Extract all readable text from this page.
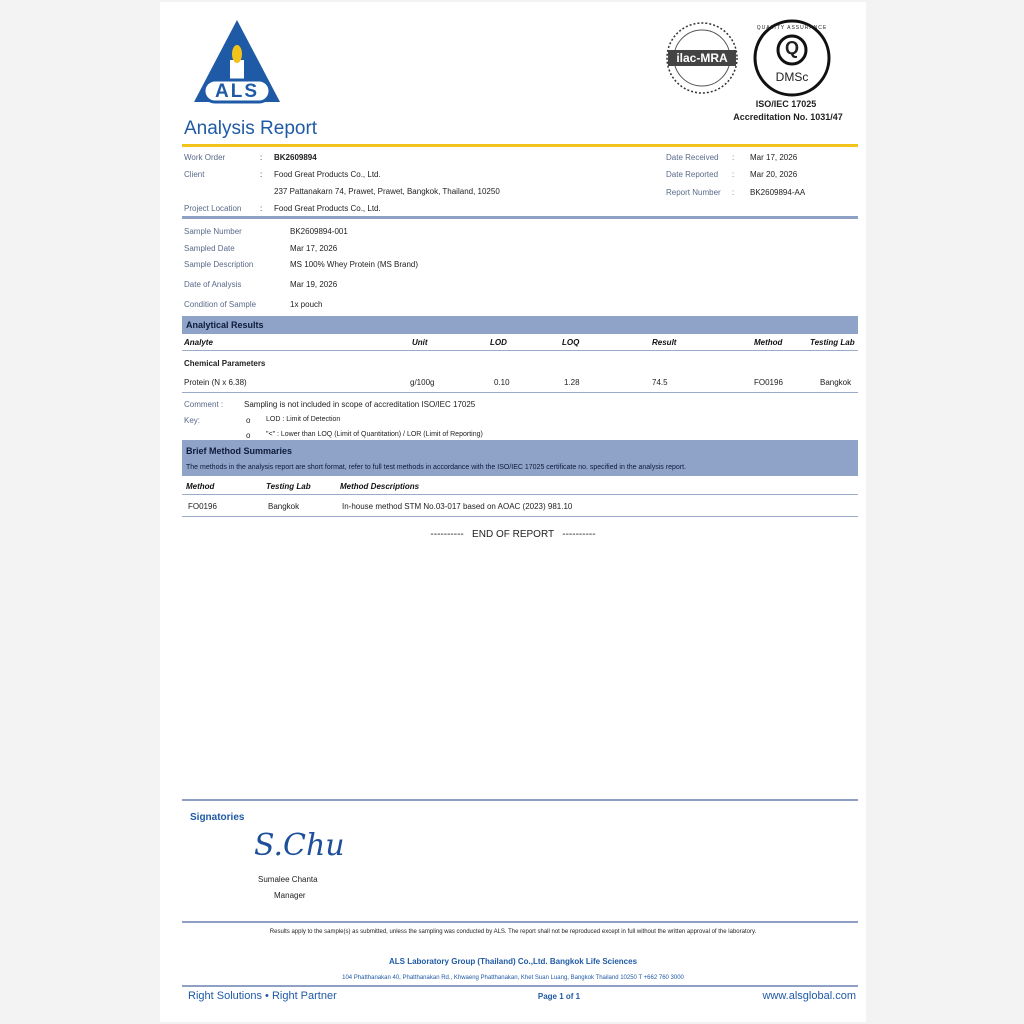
ALS
Analysis Report
ilac-MRA	Q
QUALITY ASSURANCE
DMSc
ISO/IEC 17025
Accreditation No. 1031/47
Work Order	: BK2609894
Client	: Food Great Products Co., Ltd.
237 Pattanakarn 74, Prawet, Prawet, Bangkok, Thailand, 10250
Project Location : Food Great Products Co., Ltd.
Date Received : Mar 17, 2026
Date Reported : Mar 20, 2026
Report Number : BK2609894-AA
Sample Number	BK2609894-001
Sampled Date	Mar 17, 2026
Sample Description	MS 100% Whey Protein (MS Brand)
Date of Analysis	Mar 19, 2026
Condition of Sample	1x pouch
Analytical Results
Analyte	Unit	LOD	LOQ	Result	Method	Testing Lab
Chemical Parameters
Protein (N x 6.38)	g/100g	0.10	1.28	74.5	FO0196	Bangkok
Comment :	Sampling is not included in scope of accreditation ISO/IEC 17025
Key:	o LOD : Limit of Detection
o "<" : Lower than LOQ (Limit of Quantitation) / LOR (Limit of Reporting)
Brief Method Summaries
The methods in the analysis report are short format, refer to full test methods in accordance with the ISO/IEC 17025 certificate no. specified in the analysis report.
Method	Testing Lab	Method Descriptions
FO0196	Bangkok	In-house method STM No.03-017 based on AOAC (2023) 981.10
----------   END OF REPORT   ----------
Signatories
S.Chu
Sumalee Chanta
Manager
Results apply to the sample(s) as submitted, unless the sampling was conducted by ALS. The report shall not be reproduced except in full without the written approval of the laboratory.
ALS Laboratory Group (Thailand) Co.,Ltd. Bangkok Life Sciences
104 Phatthanakan 40, Phatthanakan Rd., Khwaeng Phatthanakan, Khet Suan Luang, Bangkok Thailand 10250 T +662 760 3000
Right Solutions • Right Partner	Page 1 of 1	www.alsglobal.com
